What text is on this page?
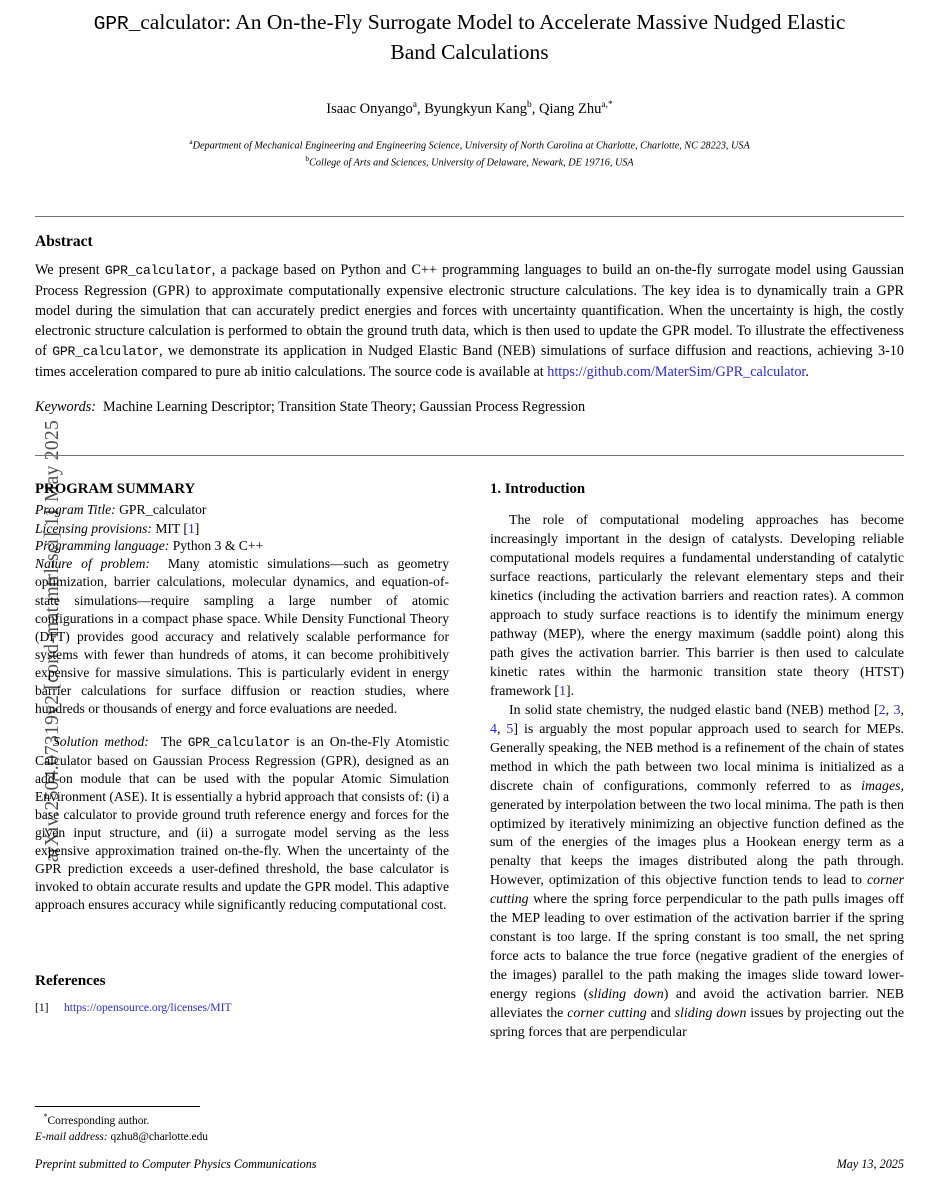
arXiv:2504.07319v2 [cond-mat.mtrl-sci] 11 May 2025
GPR_calculator: An On-the-Fly Surrogate Model to Accelerate Massive Nudged Elastic
Band Calculations
Isaac Onyango$^a$, Byungkyun Kang$^b$, Qiang Zhu$^{a,*}$
$^a$Department of Mechanical Engineering and Engineering Science, University of North Carolina at Charlotte, Charlotte, NC 28223, USA
$^b$College of Arts and Sciences, University of Delaware, Newark, DE 19716, USA
Abstract
We present GPR_calculator, a package based on Python and C++ programming languages to build an on-the-fly surrogate model using Gaussian Process Regression (GPR) to approximate computationally expensive electronic structure calculations. The key idea is to dynamically train a GPR model during the simulation that can accurately predict energies and forces with uncertainty quantification. When the uncertainty is high, the costly electronic structure calculation is performed to obtain the ground truth data, which is then used to update the GPR model. To illustrate the effectiveness of GPR_calculator, we demonstrate its application in Nudged Elastic Band (NEB) simulations of surface diffusion and reactions, achieving 3-10 times acceleration compared to pure ab initio calculations. The source code is available at https://github.com/MaterSim/GPR_calculator.
Keywords: Machine Learning Descriptor; Transition State Theory; Gaussian Process Regression
PROGRAM SUMMARY
Program Title: GPR_calculator
Licensing provisions: MIT [1]
Programming language: Python 3 & C++

Nature of problem: Many atomistic simulations—such as geometry optimization, barrier calculations, molecular dynamics, and equation-of-state simulations—require sampling a large number of atomic configurations in a compact phase space. While Density Functional Theory (DFT) provides good accuracy and relatively scalable performance for systems with fewer than hundreds of atoms, it can become prohibitively expensive for massive simulations. This is particularly evident in energy barrier calculations for surface diffusion or reaction studies, where hundreds or thousands of energy and force evaluations are needed.

Solution method: The GPR_calculator is an On-the-Fly Atomistic Calculator based on Gaussian Process Regression (GPR), designed as an add-on module that can be used with the popular Atomic Simulation Environment (ASE). It is essentially a hybrid approach that consists of: (i) a base calculator to provide ground truth reference energy and forces for the given input structure, and (ii) a surrogate model serving as the less expensive approximation trained on-the-fly. When the uncertainty of the GPR prediction exceeds a user-defined threshold, the base calculator is invoked to obtain accurate results and update the GPR model. This adaptive approach ensures accuracy while significantly reducing computational cost.

References
[1]	https://opensource.org/licenses/MIT
1. Introduction

The role of computational modeling approaches has become increasingly important in the design of catalysts. Developing reliable computational models requires a fundamental understanding of catalytic surface reactions, particularly the relevant elementary steps and their kinetics (including the activation barriers and reaction rates). A common approach to study surface reactions is to identify the minimum energy pathway (MEP), where the energy maximum (saddle point) along this path gives the activation barrier. This barrier is then used to calculate kinetic rates within the harmonic transition state theory (HTST) framework [1].

In solid state chemistry, the nudged elastic band (NEB) method [2, 3, 4, 5] is arguably the most popular approach used to search for MEPs. Generally speaking, the NEB method is a refinement of the chain of states method in which the path between two local minima is initialized as a discrete chain of configurations, commonly referred to as images, generated by interpolation between the two local minima. The path is then optimized by iteratively minimizing an objective function defined as the sum of the energies of the images plus a Hookean energy term as a penalty that keeps the images distributed along the path through. However, optimization of this objective function tends to lead to corner cutting where the spring force perpendicular to the path pulls images off the MEP leading to over estimation of the activation barrier if the spring constant is too large. If the spring constant is too small, the net spring force acts to balance the true force (negative gradient of the energies of the images) parallel to the path making the images slide toward lower-energy regions (sliding down) and avoid the activation barrier. NEB alleviates the corner cutting and sliding down issues by projecting out the spring forces that are perpendicular

*Corresponding author.
E-mail address: qzhu8@charlotte.edu
Preprint submitted to Computer Physics Communications	May 13, 2025
